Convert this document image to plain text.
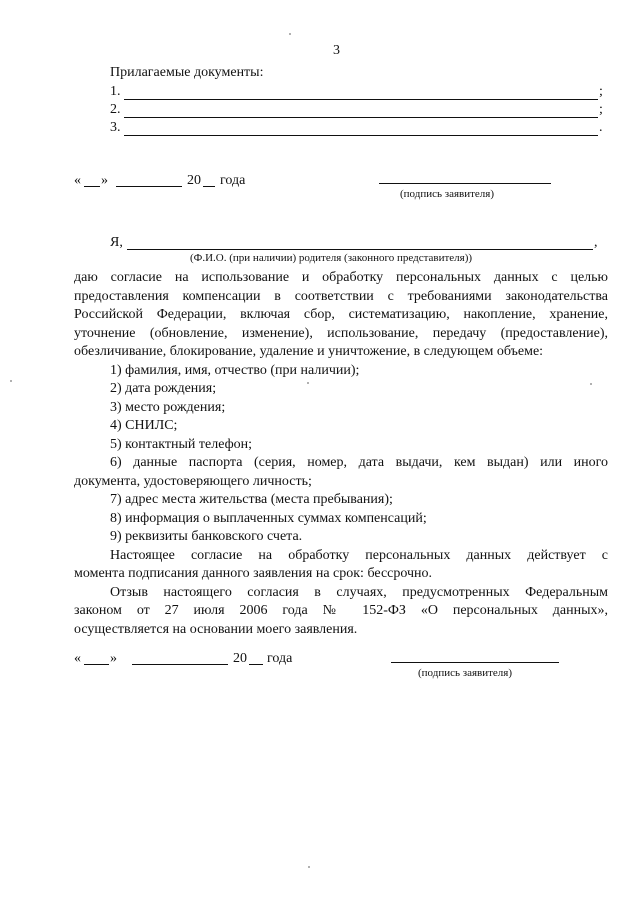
3
Прилагаемые документы:
1.	;
2.	;
3.	.
« »	20 года
(подпись заявителя)
Я,	,
(Ф.И.О. (при наличии) родителя (законного представителя))
даю согласие на использование и обработку персональных данных с целью
предоставления компенсации в соответствии с требованиями законодательства
Российской Федерации, включая сбор, систематизацию, накопление, хранение,
уточнение (обновление, изменение), использование, передачу (предоставление),
обезличивание, блокирование, удаление и уничтожение, в следующем объеме:
1) фамилия, имя, отчество (при наличии);
2) дата рождения;
3) место рождения;
4) СНИЛС;
5) контактный телефон;
6) данные паспорта (серия, номер, дата выдачи, кем выдан) или иного
документа, удостоверяющего личность;
7) адрес места жительства (места пребывания);
8) информация о выплаченных суммах компенсаций;
9) реквизиты банковского счета.
Настоящее согласие на обработку персональных данных действует с
момента подписания данного заявления на срок: бессрочно.
Отзыв настоящего согласия в случаях, предусмотренных Федеральным
законом от 27 июля 2006 года № 152-ФЗ «О персональных данных»,
осуществляется на основании моего заявления.
« »	20 года
(подпись заявителя)
